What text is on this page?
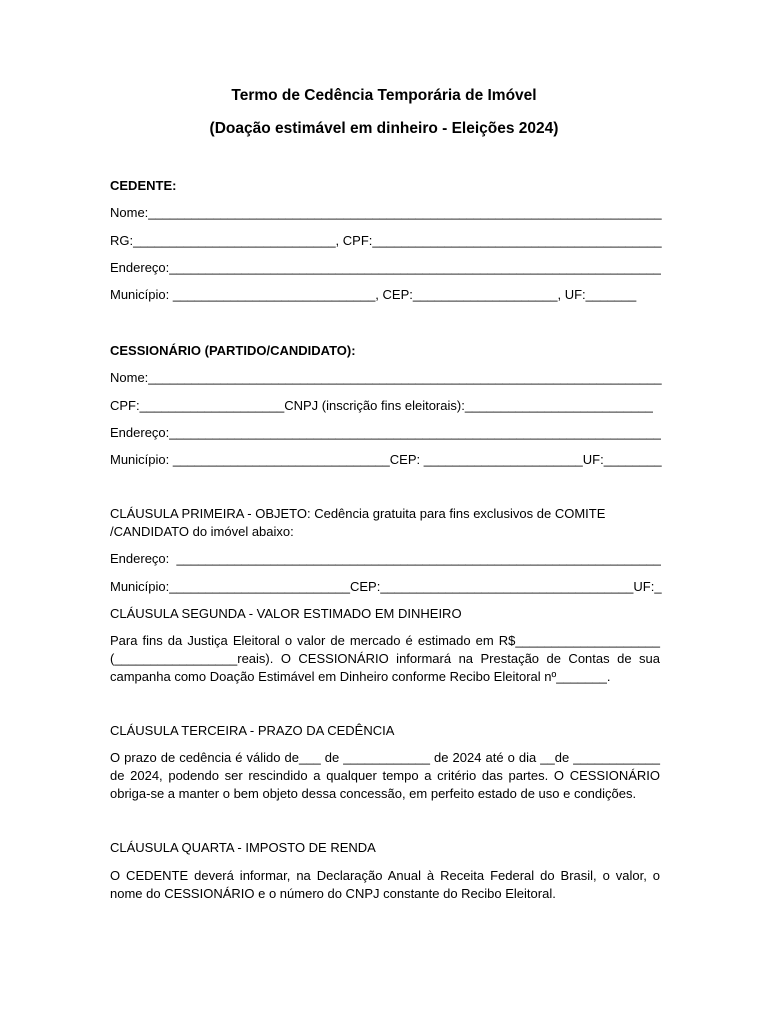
Termo de Cedência Temporária de Imóvel
(Doação estimável em dinheiro - Eleições 2024)
CEDENTE:
Nome:_______________________________________________________________________
RG:____________________________, CPF:________________________________________
Endereço:____________________________________________________________________
Município: ____________________________, CEP:____________________, UF:_______
CESSIONÁRIO (PARTIDO/CANDIDATO):
Nome:_______________________________________________________________________
CPF:____________________CNPJ (inscrição fins eleitorais):__________________________
Endereço:____________________________________________________________________
Município: ______________________________CEP: ______________________UF:________
CLÁUSULA PRIMEIRA - OBJETO: Cedência gratuita para fins exclusivos de COMITE /CANDIDATO do imóvel abaixo:
Endereço:  ___________________________________________________________________
Município:_________________________CEP:___________________________________UF:_
CLÁUSULA SEGUNDA - VALOR ESTIMADO EM DINHEIRO
Para fins da Justiça Eleitoral o valor de mercado é estimado em R$____________________ (_________________reais). O CESSIONÁRIO informará na Prestação de Contas de sua campanha como Doação Estimável em Dinheiro conforme Recibo Eleitoral nº_______.
CLÁUSULA TERCEIRA - PRAZO DA CEDÊNCIA
O prazo de cedência é válido de___ de ____________ de 2024 até o dia __de ____________ de 2024, podendo ser rescindido a qualquer tempo a critério das partes. O CESSIONÁRIO obriga-se a manter o bem objeto dessa concessão, em perfeito estado de uso e condições.
CLÁUSULA QUARTA - IMPOSTO DE RENDA
O CEDENTE deverá informar, na Declaração Anual à Receita Federal do Brasil, o valor, o nome do CESSIONÁRIO e o número do CNPJ constante do Recibo Eleitoral.
